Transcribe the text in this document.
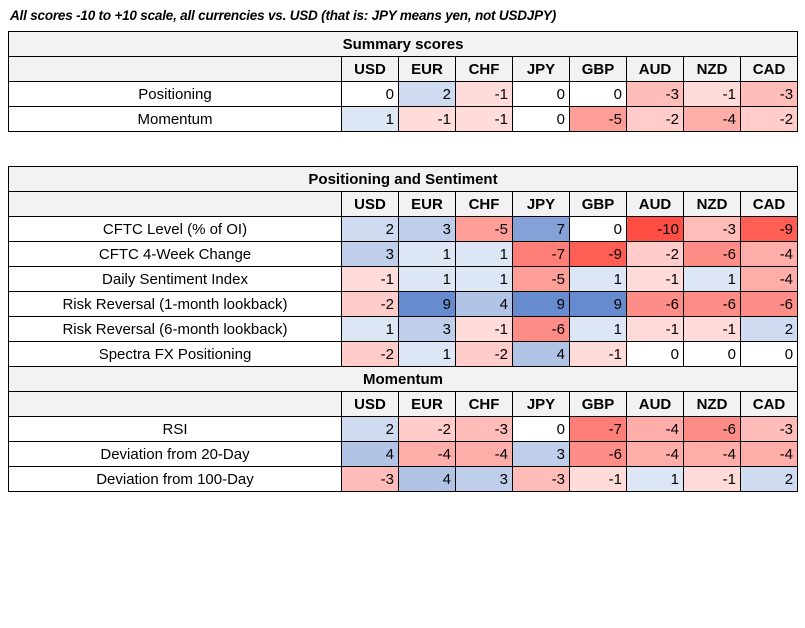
All scores -10 to +10 scale, all currencies vs. USD (that is: JPY means yen, not USDJPY)
Summary scores								
	USD	EUR	CHF	JPY	GBP	AUD	NZD	CAD
Positioning	0	2	-1	0	0	-3	-1	-3
Momentum	1	-1	-1	0	-5	-2	-4	-2
Positioning and Sentiment								
	USD	EUR	CHF	JPY	GBP	AUD	NZD	CAD
CFTC Level (% of OI)	2	3	-5	7	0	-10	-3	-9
CFTC 4-Week Change	3	1	1	-7	-9	-2	-6	-4
Daily Sentiment Index	-1	1	1	-5	1	-1	1	-4
Risk Reversal (1-month lookback)	-2	9	4	9	9	-6	-6	-6
Risk Reversal (6-month lookback)	1	3	-1	-6	1	-1	-1	2
Spectra FX Positioning	-2	1	-2	4	-1	0	0	0
Momentum								
	USD	EUR	CHF	JPY	GBP	AUD	NZD	CAD
RSI	2	-2	-3	0	-7	-4	-6	-3
Deviation from 20-Day	4	-4	-4	3	-6	-4	-4	-4
Deviation from 100-Day	-3	4	3	-3	-1	1	-1	2
